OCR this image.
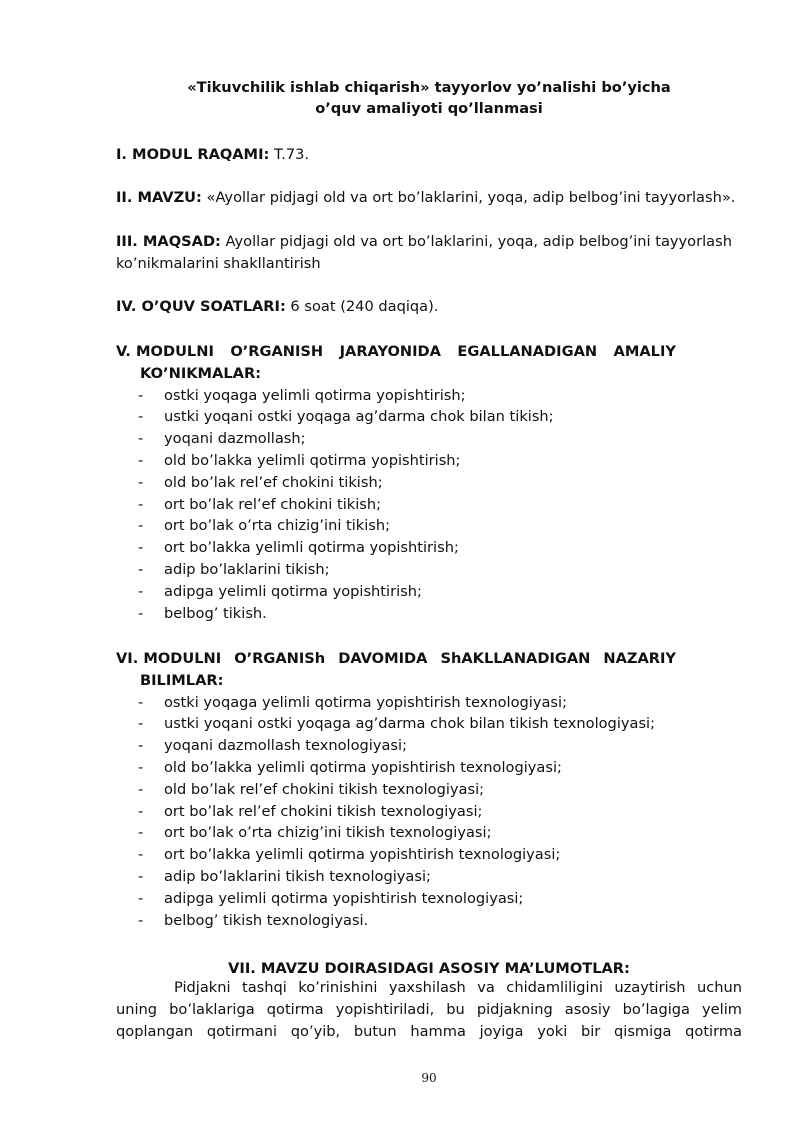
«Tikuvchilik ishlab chiqarish» tayyorlov yo’nalishi bo’yicha
o’quv amaliyoti qo’llanmasi
I. MODUL RAQAMI: T.73.
II. MAVZU: «Ayollar pidjagi old va ort bo’laklarini, yoqa, adip belbog’ini tayyorlash».
III. MAQSAD: Ayollar pidjagi old va ort bo’laklarini, yoqa, adip belbog’ini tayyorlash
ko’nikmalarini shakllantirish
IV. O’QUV SOATLARI: 6 soat (240 daqiqa).
V. MODULNI O’RGANISH JARAYONIDA EGALLANADIGAN AMALIY
KO’NIKMALAR:
- ostki yoqaga yelimli qotirma yopishtirish;
- ustki yoqani ostki yoqaga ag’darma chok bilan tikish;
- yoqani dazmollash;
- old bo’lakka yelimli qotirma yopishtirish;
- old bo’lak rel’ef chokini tikish;
- ort bo’lak rel’ef chokini tikish;
- ort bo’lak o’rta chizig’ini tikish;
- ort bo’lakka yelimli qotirma yopishtirish;
- adip bo’laklarini tikish;
- adipga yelimli qotirma yopishtirish;
- belbog’ tikish.
VI. MODULNI O’RGANISh DAVOMIDA ShAKLLANADIGAN NAZARIY
BILIMLAR:
- ostki yoqaga yelimli qotirma yopishtirish texnologiyasi;
- ustki yoqani ostki yoqaga ag’darma chok bilan tikish texnologiyasi;
- yoqani dazmollash texnologiyasi;
- old bo’lakka yelimli qotirma yopishtirish texnologiyasi;
- old bo’lak rel’ef chokini tikish texnologiyasi;
- ort bo’lak rel’ef chokini tikish texnologiyasi;
- ort bo’lak o’rta chizig’ini tikish texnologiyasi;
- ort bo’lakka yelimli qotirma yopishtirish texnologiyasi;
- adip bo’laklarini tikish texnologiyasi;
- adipga yelimli qotirma yopishtirish texnologiyasi;
- belbog’ tikish texnologiyasi.
VII. MAVZU DOIRASIDAGI ASOSIY MA’LUMOTLAR:
Pidjakni tashqi ko’rinishini yaxshilash va chidamliligini uzaytirish uchun
uning bo’laklariga qotirma yopishtiriladi, bu pidjakning asosiy bo’lagiga yelim
qoplangan qotirmani qo’yib, butun hamma joyiga yoki bir qismiga qotirma
90
